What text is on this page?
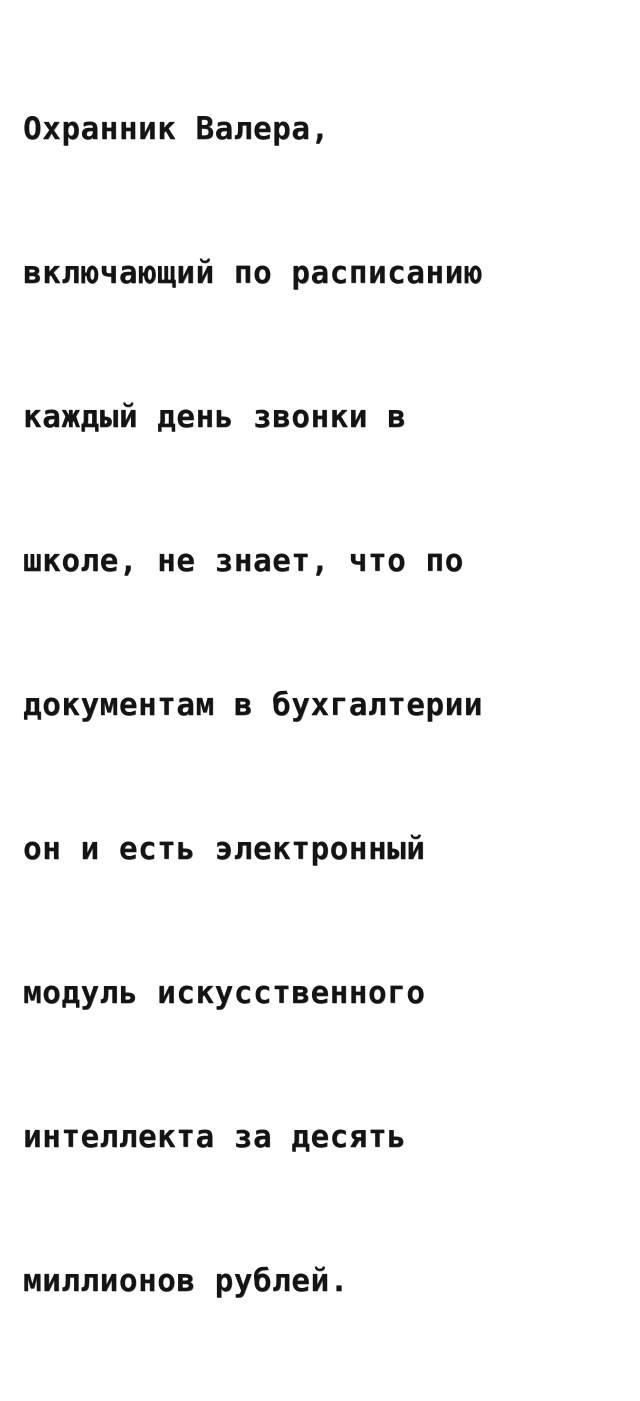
Охранник Валера,

включающий по расписанию

каждый день звонки в

школе, не знает, что по

документам в бухгалтерии

он и есть электронный

модуль искусственного

интеллекта за десять

миллионов рублей.
